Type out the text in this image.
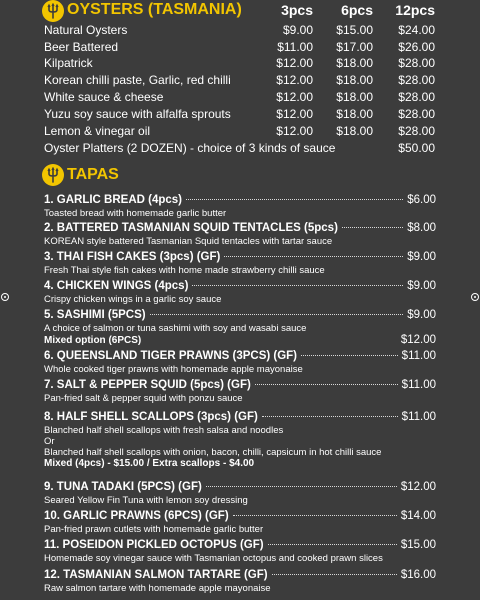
OYSTERS (TASMANIA)	3pcs	6pcs	12pcs
Natural Oysters	$9.00	$15.00	$24.00
Beer Battered	$11.00	$17.00	$26.00
Kilpatrick	$12.00	$18.00	$28.00
Korean chilli paste, Garlic, red chilli	$12.00	$18.00	$28.00
White sauce & cheese	$12.00	$18.00	$28.00
Yuzu soy sauce with alfalfa sprouts	$12.00	$18.00	$28.00
Lemon & vinegar oil	$12.00	$18.00	$28.00
Oyster Platters (2 DOZEN) - choice of 3 kinds of sauce	$50.00
TAPAS
1. GARLIC BREAD (4pcs)	$6.00
Toasted bread with homemade garlic butter
2. BATTERED TASMANIAN SQUID TENTACLES (5pcs)	$8.00
KOREAN style battered Tasmanian Squid tentacles with tartar sauce
3. THAI FISH CAKES (3pcs) (GF)	$9.00
Fresh Thai style fish cakes with home made strawberry chilli sauce
4. CHICKEN WINGS (4pcs)	$9.00
Crispy chicken wings in a garlic soy sauce
5. SASHIMI (5PCS)	$9.00
A choice of salmon or tuna sashimi with soy and wasabi sauce
Mixed option (6PCS)	$12.00
6. QUEENSLAND TIGER PRAWNS (3PCS) (GF)	$11.00
Whole cooked tiger prawns with homemade apple mayonaise
7. SALT & PEPPER SQUID (5pcs) (GF)	$11.00
Pan-fried salt & pepper squid with ponzu sauce
8. HALF SHELL SCALLOPS (3pcs) (GF)	$11.00
Blanched half shell scallops with fresh salsa and noodles
Or
Blanched half shell scallops with onion, bacon, chilli, capsicum in hot chilli sauce
Mixed (4pcs) - $15.00 / Extra scallops - $4.00
9. TUNA TADAKI (5PCS) (GF)	$12.00
Seared Yellow Fin Tuna with lemon soy dressing
10. GARLIC PRAWNS (6PCS) (GF)	$14.00
Pan-fried prawn cutlets with homemade garlic butter
11. POSEIDON PICKLED OCTOPUS (GF)	$15.00
Homemade soy vinegar sauce with Tasmanian octopus and cooked prawn slices
12. TASMANIAN SALMON TARTARE (GF)	$16.00
Raw salmon tartare with homemade apple mayonaise
